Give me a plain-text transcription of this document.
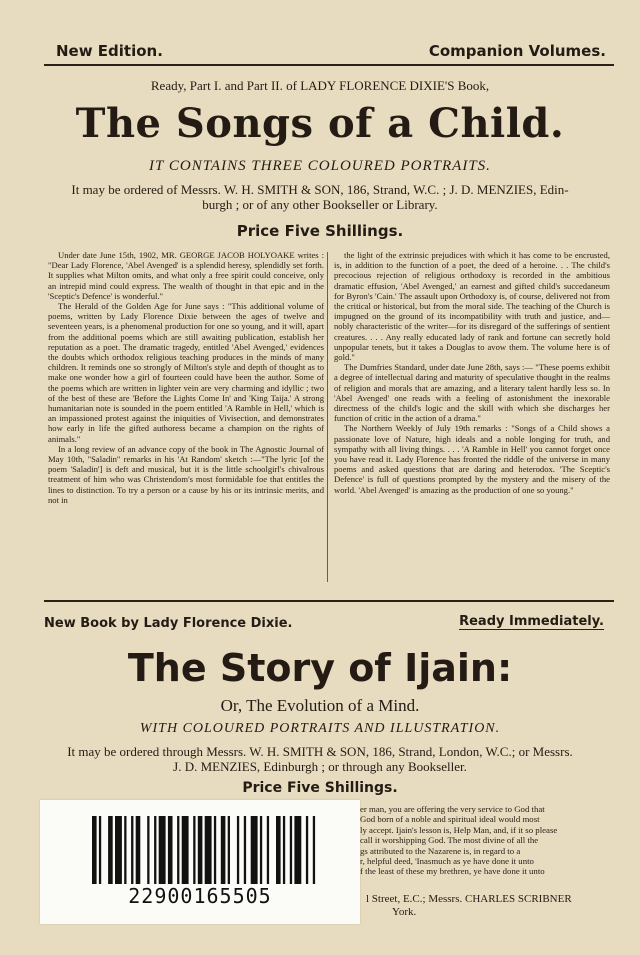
New Edition.	Companion Volumes.
Ready, Part I. and Part II. of LADY FLORENCE DIXIE'S Book,
The Songs of a Child.
IT CONTAINS THREE COLOURED PORTRAITS.
It may be ordered of Messrs. W. H. SMITH & SON, 186, Strand, W.C. ; J. D. MENZIES, Edin-
burgh ; or of any other Bookseller or Library.
Price Five Shillings.

Under date June 15th, 1902, MR. GEORGE JACOB HOLYOAKE writes : "Dear Lady Florence, 'Abel Avenged' is a splendid heresy, splendidly set forth. It supplies what Milton omits, and what only a free spirit could conceive, only an intrepid mind could express. The wealth of thought in that epic and in the 'Sceptic's Defence' is wonderful."

The Herald of the Golden Age for June says : "This additional volume of poems, written by Lady Florence Dixie between the ages of twelve and seventeen years, is a phenomenal production for one so young, and it will, apart from the additional poems which are still awaiting publication, establish her reputation as a poet. The dramatic tragedy, entitled 'Abel Avenged,' evidences the doubts which orthodox religious teaching produces in the minds of many children. It reminds one so strongly of Milton's style and depth of thought as to make one wonder how a girl of fourteen could have been the author. Some of the poems which are written in lighter vein are very charming and idyllic ; two of the best of these are 'Before the Lights Come In' and 'King Taija.' A strong humanitarian note is sounded in the poem entitled 'A Ramble in Hell,' which is an impassioned protest against the iniquities of Vivisection, and demonstrates how early in life the gifted authoress became a champion on the rights of animals."

In a long review of an advance copy of the book in The Agnostic Journal of May 10th, "Saladin" remarks in his 'At Random' sketch :—"The lyric [of the poem 'Saladin'] is deft and musical, but it is the little schoolgirl's chivalrous treatment of him who was Christendom's most formidable foe that entitles the lines to distinction. To try a person or a cause by his or its intrinsic merits, and not in

the light of the extrinsic prejudices with which it has come to be encrusted, is, in addition to the function of a poet, the deed of a heroine. . . The child's precocious rejection of religious orthodoxy is recorded in the ambitious dramatic effusion, 'Abel Avenged,' an earnest and gifted child's succedaneum for Byron's 'Cain.' The assault upon Orthodoxy is, of course, delivered not from the critical or historical, but from the moral side. The teaching of the Church is impugned on the ground of its incompatibility with truth and justice, and—nobly characteristic of the writer—for its disregard of the sufferings of sentient creatures. . . . Any really educated lady of rank and fortune can secretly hold unpopular tenets, but it takes a Douglas to avow them. The volume here is of gold."

The Dumfries Standard, under date June 28th, says :— "These poems exhibit a degree of intellectual daring and maturity of speculative thought in the realms of religion and morals that are amazing, and a literary talent hardly less so. In 'Abel Avenged' one reads with a feeling of astonishment the inexorable directness of the child's logic and the skill with which she discharges her function of critic in the action of a drama."

The Northern Weekly of July 19th remarks : "Songs of a Child shows a passionate love of Nature, high ideals and a noble longing for truth, and sympathy with all living things. . . . 'A Ramble in Hell' you cannot forget once you have read it. Lady Florence has fronted the riddle of the universe in many poems and asked questions that are daring and heterodox. 'The Sceptic's Defence' is full of questions prompted by the mystery and the misery of the world. 'Abel Avenged' is amazing as the production of one so young."

New Book by Lady Florence Dixie.	Ready Immediately.
The Story of Ijain:
Or, The Evolution of a Mind.
WITH COLOURED PORTRAITS AND ILLUSTRATION.
It may be ordered through Messrs. W. H. SMITH & SON, 186, Strand, London, W.C.; or Messrs.
J. D. MENZIES, Edinburgh ; or through any Bookseller.
Price Five Shillings.
er man, you are offering the very service to God that
God born of a noble and spiritual ideal would most
ly accept. Ijain's lesson is, Help Man, and, if it so please
call it worshipping God. The most divine of all the
gs attributed to the Nazarene is, in regard to a
r, helpful deed, 'Inasmuch as ye have done it unto
f the least of these my brethren, ye have done it unto
l Street, E.C.; Messrs. CHARLES SCRIBNER
York.
22900165505
